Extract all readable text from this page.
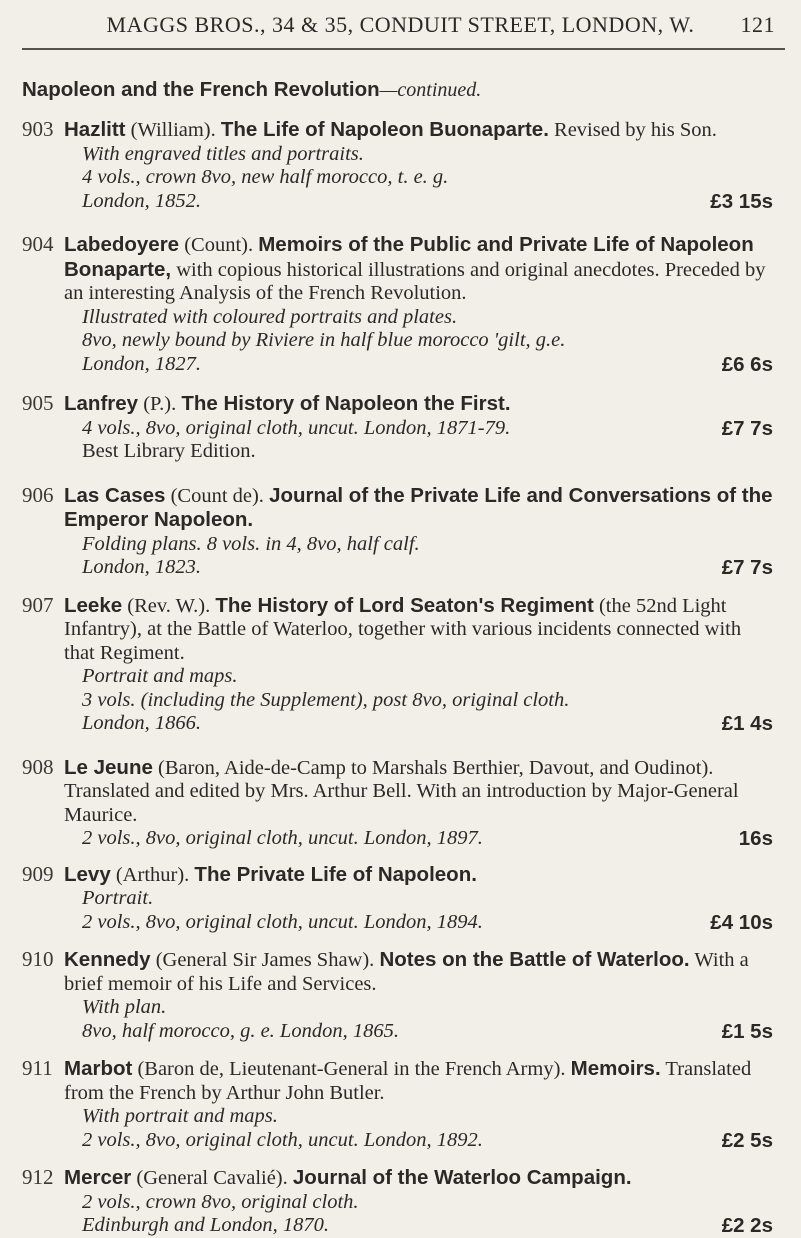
MAGGS BROS., 34 & 35, CONDUIT STREET, LONDON, W. 121
Napoleon and the French Revolution—continued.
903 Hazlitt (William). The Life of Napoleon Buonaparte. Revised by his Son.
With engraved titles and portraits.
4 vols., crown 8vo, new half morocco, t. e. g.
London, 1852.	£3 15s
904 Labedoyere (Count). Memoirs of the Public and Private Life of Napoleon Bonaparte, with copious historical illustrations and original anecdotes. Preceded by an interesting Analysis of the French Revolution.
Illustrated with coloured portraits and plates.
8vo, newly bound by Riviere in half blue morocco 'gilt, g.e.
London, 1827.	£6 6s
905 Lanfrey (P.). The History of Napoleon the First.
4 vols., 8vo, original cloth, uncut. London, 1871-79.	£7 7s
Best Library Edition.
906 Las Cases (Count de). Journal of the Private Life and Conversations of the Emperor Napoleon.
Folding plans. 8 vols. in 4, 8vo, half calf.
London, 1823.	£7 7s
907 Leeke (Rev. W.). The History of Lord Seaton's Regiment (the 52nd Light Infantry), at the Battle of Waterloo, together with various incidents connected with that Regiment.
Portrait and maps.
3 vols. (including the Supplement), post 8vo, original cloth.
London, 1866.	£1 4s
908 Le Jeune (Baron, Aide-de-Camp to Marshals Berthier, Davout, and Oudinot). Translated and edited by Mrs. Arthur Bell. With an introduction by Major-General Maurice.
2 vols., 8vo, original cloth, uncut. London, 1897.	16s
909 Levy (Arthur). The Private Life of Napoleon.
Portrait.
2 vols., 8vo, original cloth, uncut. London, 1894.	£4 10s
910 Kennedy (General Sir James Shaw). Notes on the Battle of Waterloo. With a brief memoir of his Life and Services.
With plan.
8vo, half morocco, g. e. London, 1865.	£1 5s
911 Marbot (Baron de, Lieutenant-General in the French Army). Memoirs. Translated from the French by Arthur John Butler.
With portrait and maps.
2 vols., 8vo, original cloth, uncut. London, 1892.	£2 5s
912 Mercer (General Cavalié). Journal of the Waterloo Campaign.
2 vols., crown 8vo, original cloth.
Edinburgh and London, 1870.	£2 2s
